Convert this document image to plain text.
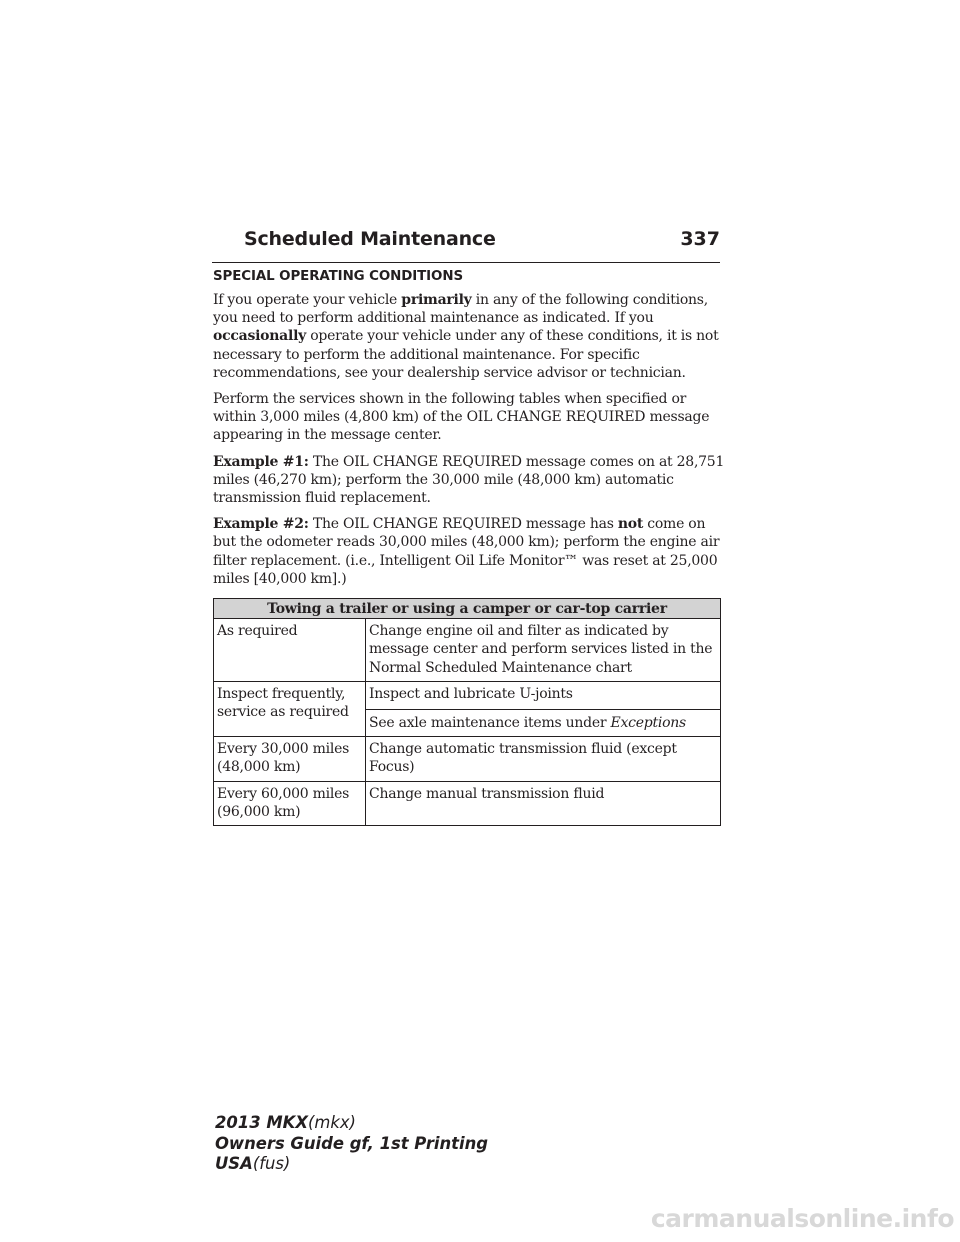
Scheduled Maintenance	337
SPECIAL OPERATING CONDITIONS

If you operate your vehicle primarily in any of the following conditions, you need to perform additional maintenance as indicated. If you occasionally operate your vehicle under any of these conditions, it is not necessary to perform the additional maintenance. For specific recommendations, see your dealership service advisor or technician.

Perform the services shown in the following tables when specified or within 3,000 miles (4,800 km) of the OIL CHANGE REQUIRED message appearing in the message center.

Example #1: The OIL CHANGE REQUIRED message comes on at 28,751 miles (46,270 km); perform the 30,000 mile (48,000 km) automatic transmission fluid replacement.

Example #2: The OIL CHANGE REQUIRED message has not come on but the odometer reads 30,000 miles (48,000 km); perform the engine air filter replacement. (i.e., Intelligent Oil Life Monitor™ was reset at 25,000 miles [40,000 km].)

Towing a trailer or using a camper or car-top carrier	
As required	Change engine oil and filter as indicated by message center and perform services listed in the Normal Scheduled Maintenance chart
Inspect frequently, service as required	Inspect and lubricate U-joints
See axle maintenance items under Exceptions

Every 30,000 miles (48,000 km)	Change automatic transmission fluid (except Focus)
Every 60,000 miles (96,000 km)	Change manual transmission fluid
2013 MKX(mkx)
Owners Guide gf, 1st Printing
USA(fus)
carmanualsonline.info
